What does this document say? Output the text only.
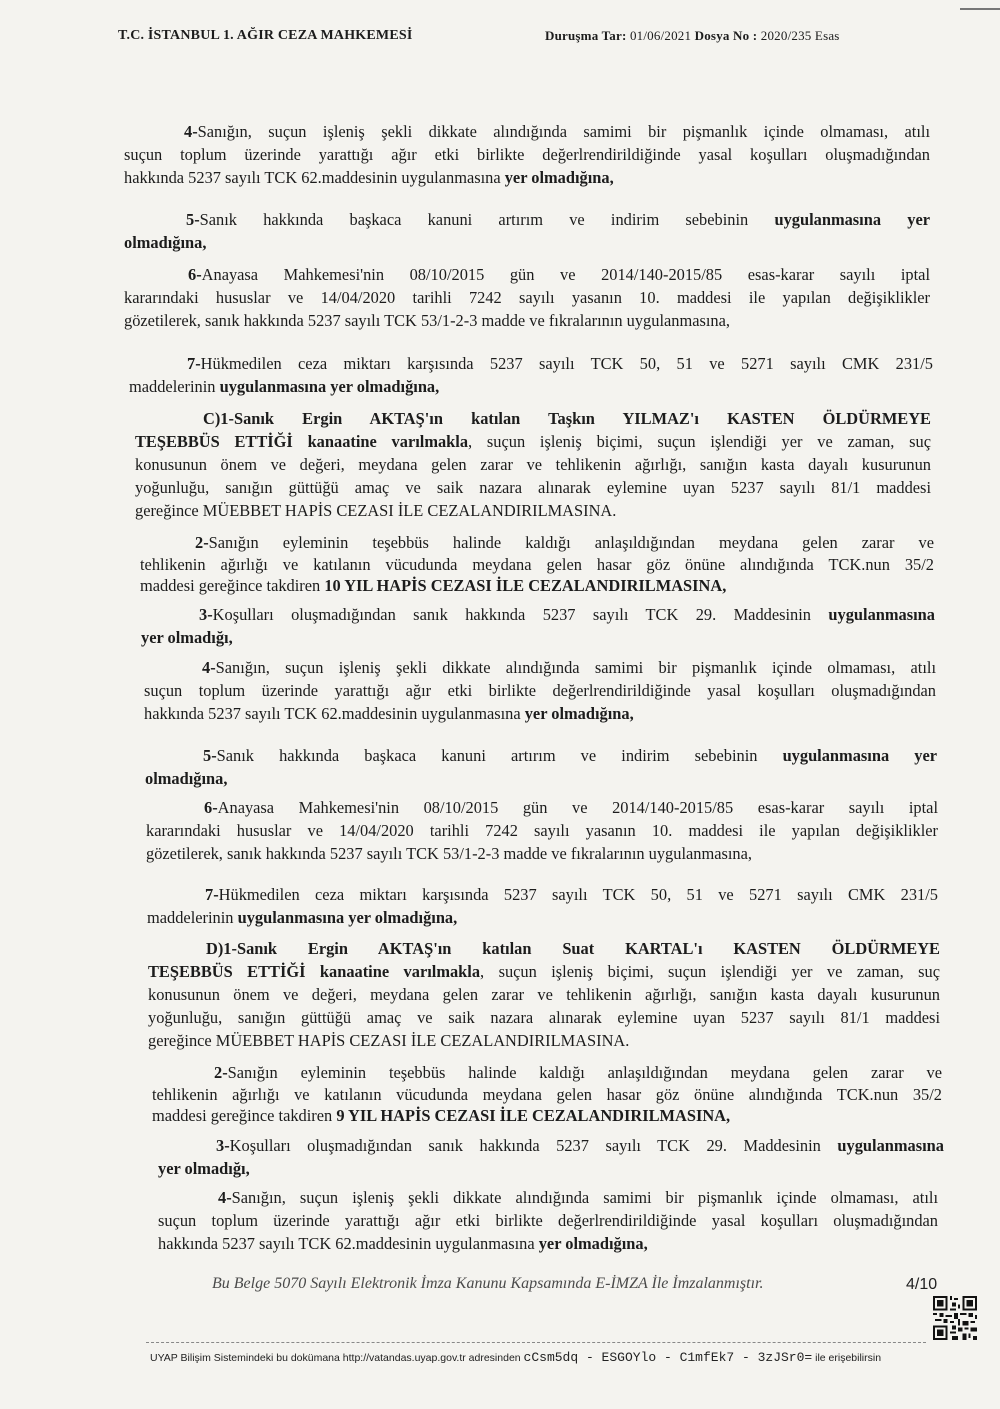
T.C. İSTANBUL 1. AĞIR CEZA MAHKEMESİ	Duruşma Tar: 01/06/2021 Dosya No : 2020/235 Esas
4-Sanığın, suçun işleniş şekli dikkate alındığında samimi bir pişmanlık içinde olmaması, atılı
suçun toplum üzerinde yarattığı ağır etki birlikte değerlrendirildiğinde yasal koşulları oluşmadığından
hakkında 5237 sayılı TCK 62.maddesinin uygulanmasına yer olmadığına,
5-Sanık hakkında başkaca kanuni artırım ve indirim sebebinin uygulanmasına yer
olmadığına,
6-Anayasa Mahkemesi'nin 08/10/2015 gün ve 2014/140-2015/85 esas-karar sayılı iptal
kararındaki hususlar ve 14/04/2020 tarihli 7242 sayılı yasanın 10. maddesi ile yapılan değişiklikler
gözetilerek, sanık hakkında 5237 sayılı TCK 53/1-2-3 madde ve fıkralarının uygulanmasına,
7-Hükmedilen ceza miktarı karşısında 5237 sayılı TCK 50, 51 ve 5271 sayılı CMK 231/5
maddelerinin uygulanmasına yer olmadığına,
C)1-Sanık Ergin AKTAŞ'ın katılan Taşkın YILMAZ'ı KASTEN ÖLDÜRMEYE
TEŞEBBÜS ETTİĞİ kanaatine varılmakla, suçun işleniş biçimi, suçun işlendiği yer ve zaman, suç
konusunun önem ve değeri, meydana gelen zarar ve tehlikenin ağırlığı, sanığın kasta dayalı kusurunun
yoğunluğu, sanığın güttüğü amaç ve saik nazara alınarak eylemine uyan 5237 sayılı 81/1 maddesi
gereğince MÜEBBET HAPİS CEZASI İLE CEZALANDIRILMASINA.
2-Sanığın eyleminin teşebbüs halinde kaldığı anlaşıldığından meydana gelen zarar ve
tehlikenin ağırlığı ve katılanın vücudunda meydana gelen hasar göz önüne alındığında TCK.nun 35/2
maddesi gereğince takdiren 10 YIL HAPİS CEZASI İLE CEZALANDIRILMASINA,
3-Koşulları oluşmadığından sanık hakkında 5237 sayılı TCK 29. Maddesinin uygulanmasına
yer olmadığı,
4-Sanığın, suçun işleniş şekli dikkate alındığında samimi bir pişmanlık içinde olmaması, atılı
suçun toplum üzerinde yarattığı ağır etki birlikte değerlrendirildiğinde yasal koşulları oluşmadığından
hakkında 5237 sayılı TCK 62.maddesinin uygulanmasına yer olmadığına,
5-Sanık hakkında başkaca kanuni artırım ve indirim sebebinin uygulanmasına yer
olmadığına,
6-Anayasa Mahkemesi'nin 08/10/2015 gün ve 2014/140-2015/85 esas-karar sayılı iptal
kararındaki hususlar ve 14/04/2020 tarihli 7242 sayılı yasanın 10. maddesi ile yapılan değişiklikler
gözetilerek, sanık hakkında 5237 sayılı TCK 53/1-2-3 madde ve fıkralarının uygulanmasına,
7-Hükmedilen ceza miktarı karşısında 5237 sayılı TCK 50, 51 ve 5271 sayılı CMK 231/5
maddelerinin uygulanmasına yer olmadığına,
D)1-Sanık Ergin AKTAŞ'ın katılan Suat KARTAL'ı KASTEN ÖLDÜRMEYE
TEŞEBBÜS ETTİĞİ kanaatine varılmakla, suçun işleniş biçimi, suçun işlendiği yer ve zaman, suç
konusunun önem ve değeri, meydana gelen zarar ve tehlikenin ağırlığı, sanığın kasta dayalı kusurunun
yoğunluğu, sanığın güttüğü amaç ve saik nazara alınarak eylemine uyan 5237 sayılı 81/1 maddesi
gereğince MÜEBBET HAPİS CEZASI İLE CEZALANDIRILMASINA.
2-Sanığın eyleminin teşebbüs halinde kaldığı anlaşıldığından meydana gelen zarar ve
tehlikenin ağırlığı ve katılanın vücudunda meydana gelen hasar göz önüne alındığında TCK.nun 35/2
maddesi gereğince takdiren 9 YIL HAPİS CEZASI İLE CEZALANDIRILMASINA,
3-Koşulları oluşmadığından sanık hakkında 5237 sayılı TCK 29. Maddesinin uygulanmasına
yer olmadığı,
4-Sanığın, suçun işleniş şekli dikkate alındığında samimi bir pişmanlık içinde olmaması, atılı
suçun toplum üzerinde yarattığı ağır etki birlikte değerlrendirildiğinde yasal koşulları oluşmadığından
hakkında 5237 sayılı TCK 62.maddesinin uygulanmasına yer olmadığına,
Bu Belge 5070 Sayılı Elektronik İmza Kanunu Kapsamında E-İMZA İle İmzalanmıştır.	4/10
UYAP Bilişim Sistemindeki bu dokümana http://vatandas.uyap.gov.tr adresinden cCsm5dq - ESGOYlo - C1mfEk7 - 3zJSr0= ile erişebilirsin
